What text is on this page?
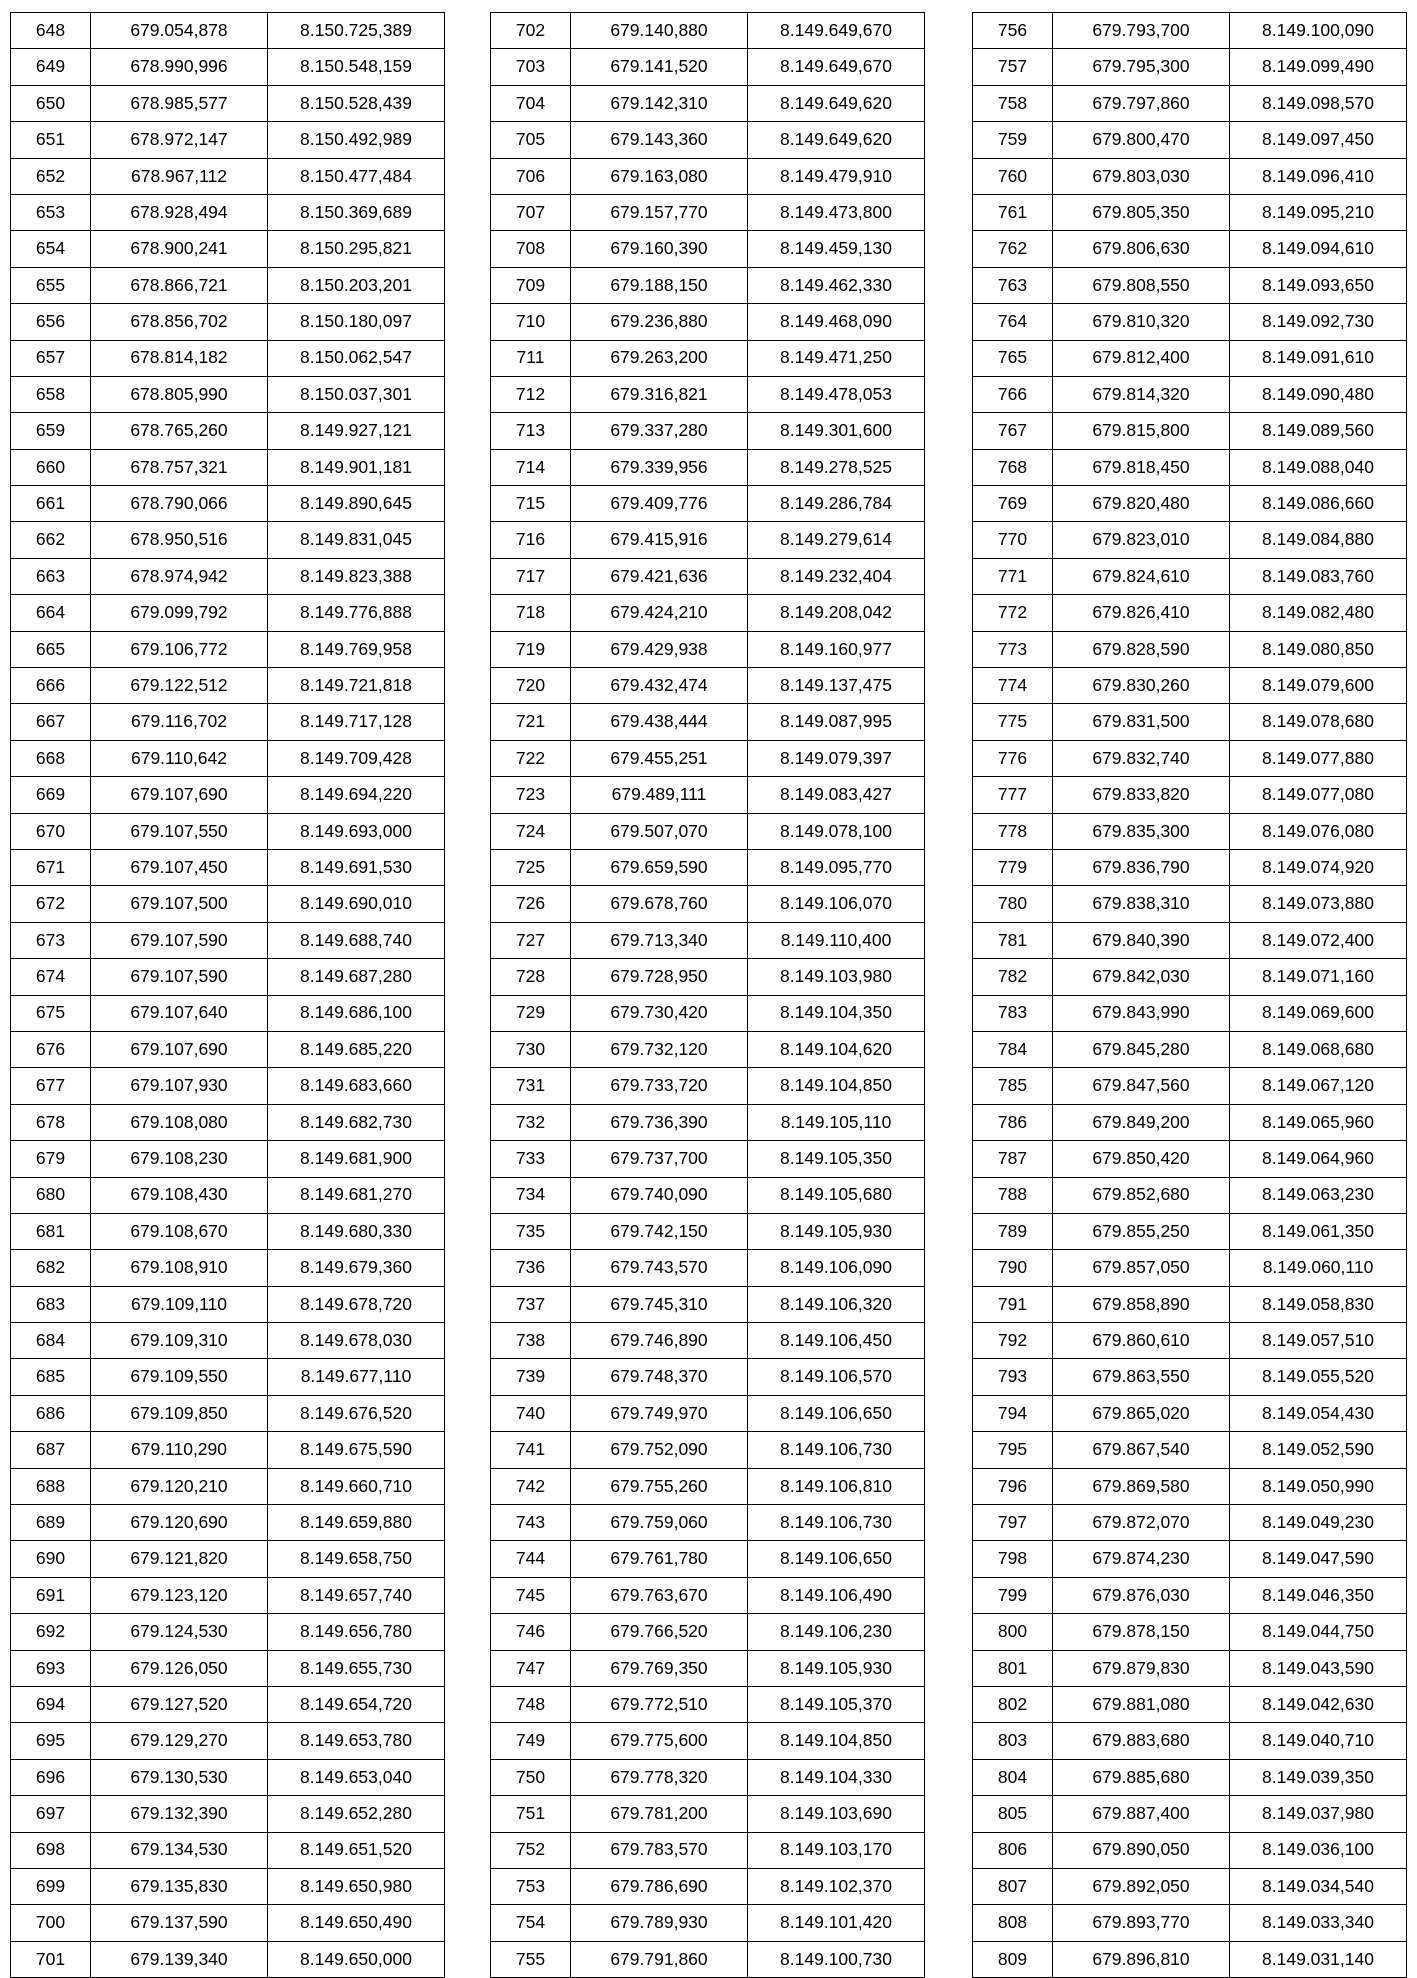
648	679.054,878	8.150.725,389
649	678.990,996	8.150.548,159
650	678.985,577	8.150.528,439
651	678.972,147	8.150.492,989
652	678.967,112	8.150.477,484
653	678.928,494	8.150.369,689
654	678.900,241	8.150.295,821
655	678.866,721	8.150.203,201
656	678.856,702	8.150.180,097
657	678.814,182	8.150.062,547
658	678.805,990	8.150.037,301
659	678.765,260	8.149.927,121
660	678.757,321	8.149.901,181
661	678.790,066	8.149.890,645
662	678.950,516	8.149.831,045
663	678.974,942	8.149.823,388
664	679.099,792	8.149.776,888
665	679.106,772	8.149.769,958
666	679.122,512	8.149.721,818
667	679.116,702	8.149.717,128
668	679.110,642	8.149.709,428
669	679.107,690	8.149.694,220
670	679.107,550	8.149.693,000
671	679.107,450	8.149.691,530
672	679.107,500	8.149.690,010
673	679.107,590	8.149.688,740
674	679.107,590	8.149.687,280
675	679.107,640	8.149.686,100
676	679.107,690	8.149.685,220
677	679.107,930	8.149.683,660
678	679.108,080	8.149.682,730
679	679.108,230	8.149.681,900
680	679.108,430	8.149.681,270
681	679.108,670	8.149.680,330
682	679.108,910	8.149.679,360
683	679.109,110	8.149.678,720
684	679.109,310	8.149.678,030
685	679.109,550	8.149.677,110
686	679.109,850	8.149.676,520
687	679.110,290	8.149.675,590
688	679.120,210	8.149.660,710
689	679.120,690	8.149.659,880
690	679.121,820	8.149.658,750
691	679.123,120	8.149.657,740
692	679.124,530	8.149.656,780
693	679.126,050	8.149.655,730
694	679.127,520	8.149.654,720
695	679.129,270	8.149.653,780
696	679.130,530	8.149.653,040
697	679.132,390	8.149.652,280
698	679.134,530	8.149.651,520
699	679.135,830	8.149.650,980
700	679.137,590	8.149.650,490
701	679.139,340	8.149.650,000
702	679.140,880	8.149.649,670
703	679.141,520	8.149.649,670
704	679.142,310	8.149.649,620
705	679.143,360	8.149.649,620
706	679.163,080	8.149.479,910
707	679.157,770	8.149.473,800
708	679.160,390	8.149.459,130
709	679.188,150	8.149.462,330
710	679.236,880	8.149.468,090
711	679.263,200	8.149.471,250
712	679.316,821	8.149.478,053
713	679.337,280	8.149.301,600
714	679.339,956	8.149.278,525
715	679.409,776	8.149.286,784
716	679.415,916	8.149.279,614
717	679.421,636	8.149.232,404
718	679.424,210	8.149.208,042
719	679.429,938	8.149.160,977
720	679.432,474	8.149.137,475
721	679.438,444	8.149.087,995
722	679.455,251	8.149.079,397
723	679.489,111	8.149.083,427
724	679.507,070	8.149.078,100
725	679.659,590	8.149.095,770
726	679.678,760	8.149.106,070
727	679.713,340	8.149.110,400
728	679.728,950	8.149.103,980
729	679.730,420	8.149.104,350
730	679.732,120	8.149.104,620
731	679.733,720	8.149.104,850
732	679.736,390	8.149.105,110
733	679.737,700	8.149.105,350
734	679.740,090	8.149.105,680
735	679.742,150	8.149.105,930
736	679.743,570	8.149.106,090
737	679.745,310	8.149.106,320
738	679.746,890	8.149.106,450
739	679.748,370	8.149.106,570
740	679.749,970	8.149.106,650
741	679.752,090	8.149.106,730
742	679.755,260	8.149.106,810
743	679.759,060	8.149.106,730
744	679.761,780	8.149.106,650
745	679.763,670	8.149.106,490
746	679.766,520	8.149.106,230
747	679.769,350	8.149.105,930
748	679.772,510	8.149.105,370
749	679.775,600	8.149.104,850
750	679.778,320	8.149.104,330
751	679.781,200	8.149.103,690
752	679.783,570	8.149.103,170
753	679.786,690	8.149.102,370
754	679.789,930	8.149.101,420
755	679.791,860	8.149.100,730
756	679.793,700	8.149.100,090
757	679.795,300	8.149.099,490
758	679.797,860	8.149.098,570
759	679.800,470	8.149.097,450
760	679.803,030	8.149.096,410
761	679.805,350	8.149.095,210
762	679.806,630	8.149.094,610
763	679.808,550	8.149.093,650
764	679.810,320	8.149.092,730
765	679.812,400	8.149.091,610
766	679.814,320	8.149.090,480
767	679.815,800	8.149.089,560
768	679.818,450	8.149.088,040
769	679.820,480	8.149.086,660
770	679.823,010	8.149.084,880
771	679.824,610	8.149.083,760
772	679.826,410	8.149.082,480
773	679.828,590	8.149.080,850
774	679.830,260	8.149.079,600
775	679.831,500	8.149.078,680
776	679.832,740	8.149.077,880
777	679.833,820	8.149.077,080
778	679.835,300	8.149.076,080
779	679.836,790	8.149.074,920
780	679.838,310	8.149.073,880
781	679.840,390	8.149.072,400
782	679.842,030	8.149.071,160
783	679.843,990	8.149.069,600
784	679.845,280	8.149.068,680
785	679.847,560	8.149.067,120
786	679.849,200	8.149.065,960
787	679.850,420	8.149.064,960
788	679.852,680	8.149.063,230
789	679.855,250	8.149.061,350
790	679.857,050	8.149.060,110
791	679.858,890	8.149.058,830
792	679.860,610	8.149.057,510
793	679.863,550	8.149.055,520
794	679.865,020	8.149.054,430
795	679.867,540	8.149.052,590
796	679.869,580	8.149.050,990
797	679.872,070	8.149.049,230
798	679.874,230	8.149.047,590
799	679.876,030	8.149.046,350
800	679.878,150	8.149.044,750
801	679.879,830	8.149.043,590
802	679.881,080	8.149.042,630
803	679.883,680	8.149.040,710
804	679.885,680	8.149.039,350
805	679.887,400	8.149.037,980
806	679.890,050	8.149.036,100
807	679.892,050	8.149.034,540
808	679.893,770	8.149.033,340
809	679.896,810	8.149.031,140
